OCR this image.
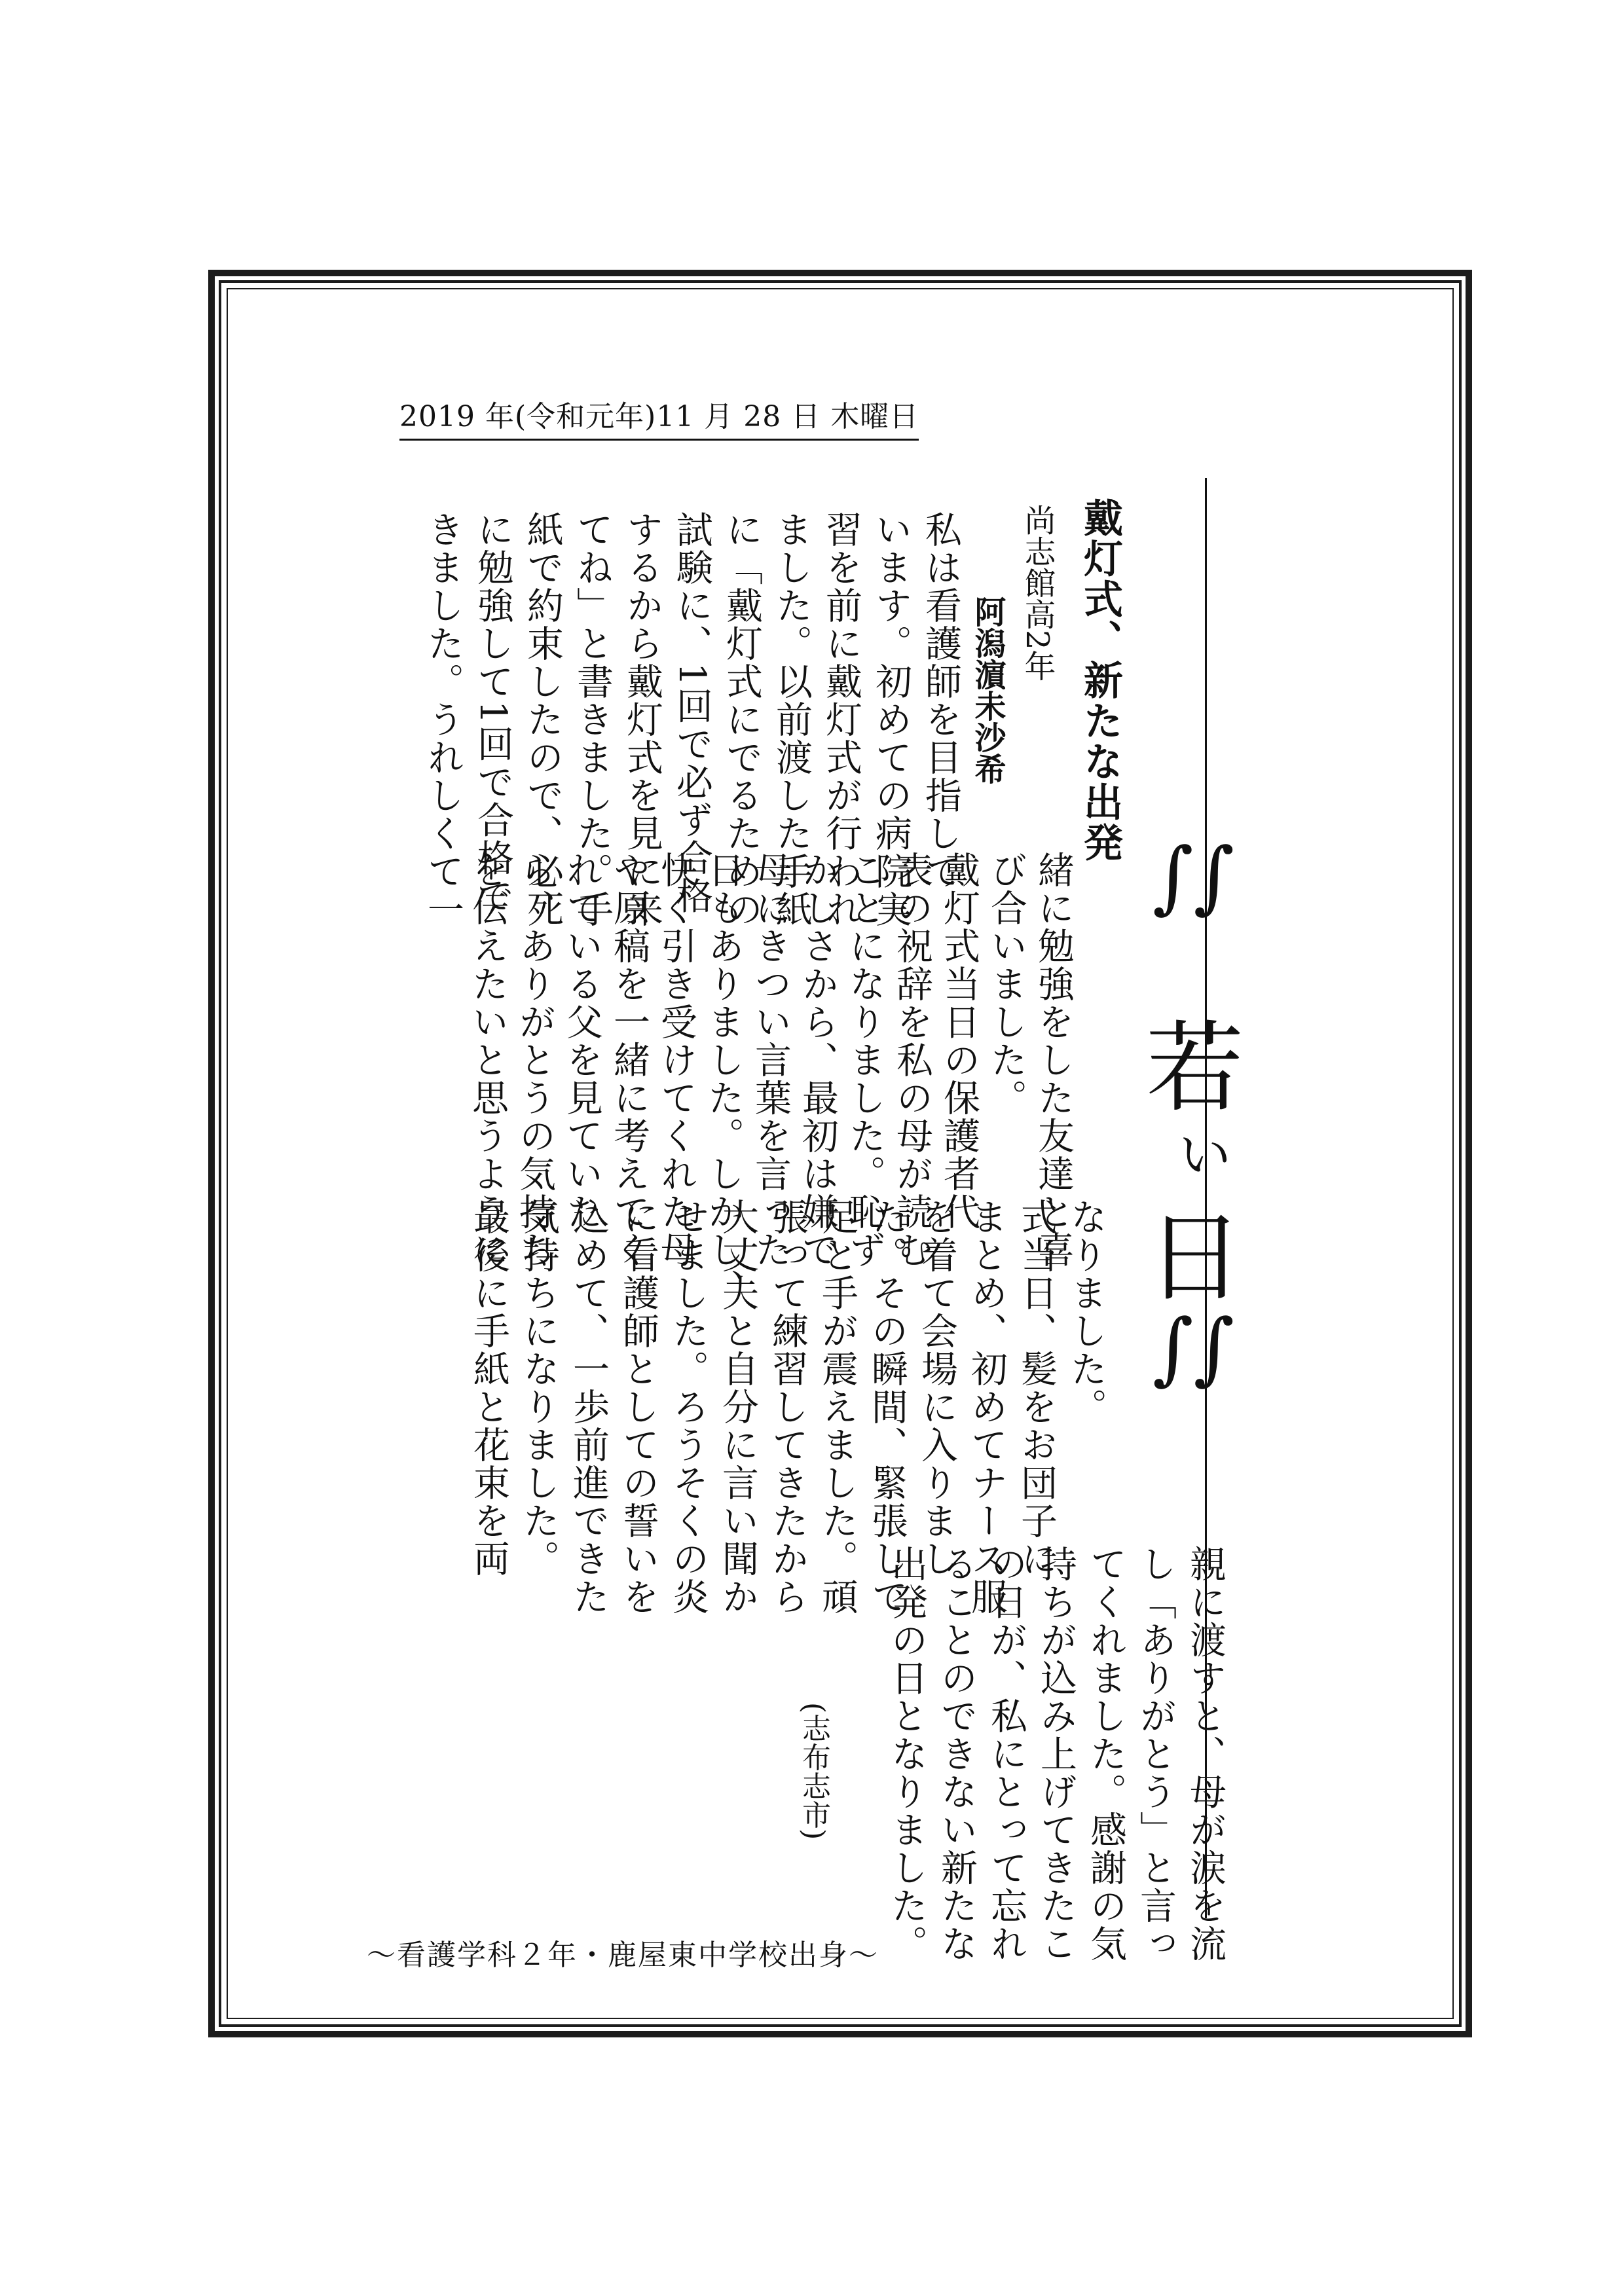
2019 年(令和元年)11 月 28 日 木曜日
戴灯式、新たな出発
尚志館高2年
阿潟濵未沙希
私は看護師を目指して
います。初めての病院実
習を前に戴灯式が行われ
ました。以前渡した手紙
に「戴灯式にでるための
試験に、1回で必ず合格
するから戴灯式を見に来
てね」と書きました。手
紙で約束したので、必死
に勉強して1回で合格で
きました。うれしくて一
緒に勉強をした友達と喜
び合いました。
戴灯式当日の保護者代
表の祝辞を私の母が読む
ことになりました。恥ず
かしさから、最初は嫌で
母にきつい言葉を言った
日もありました。しかし、
快く引き受けてくれた母
や原稿を一緒に考えてく
れている父を見ていた
ら、ありがとうの気持ち
を伝えたいと思うように
なりました。
式当日、髪をお団子に
まとめ、初めてナース服
を着て会場に入りまし
た。その瞬間、緊張して
足と手が震えました。頑
張って練習してきたから
大丈夫と自分に言い聞か
せました。ろうそくの炎
に看護師としての誓いを
込めて、一歩前進できた
気持ちになりました。
最後に手紙と花束を両
親に渡すと、母が涙を流
し「ありがとう」と言っ
てくれました。感謝の気
持ちが込み上げてきたこ
の日が、私にとって忘れ
ることのできない新たな
出発の日となりました。
(志布志市)
∫∫
若
い
日
∫∫
〜看護学科２年・鹿屋東中学校出身〜
